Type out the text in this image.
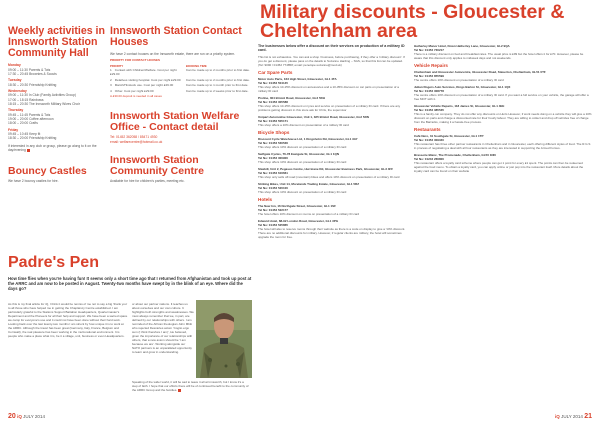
Weekly activities in Innsworth Station Community Hall
Monday
09:00 – 11:30 Parents & Tots
17:30 – 20:45 Brownies & Scouts
Tuesday
18:30 – 20:30 Friendship Knitting
Wednesday
09:00 – 11:30 In Club (Family Activities Group)
17:00 – 18:15 Rainbows
18:15 – 20:30 The Innsworth Military Wives Choir
Thursday
09:45 – 11:45 Parents & Tots
19:00 – 20:00 Coffee afternoon
18:00 – 20:00 Crafts
Friday
09:45 – 10:45 Keep fit
18:30 – 20:00 Friendship Knitting
If interested in any club or group, please go along to it on the day/evening
Bouncy Castles
We have 2 bouncy castles for hire.
Innsworth Station Contact Houses
We have 2 contact houses on the Innsworth estate, there are run on a priority system.
PRIORITY FOR CONTACT HOUSES
PRIORITY	BOOKING TIME
1 Contact with Children/Welfare. Cost per night £29.00	Can be made up to 2 months prior to first date.
2 Relatives visiting hospital. Cost per night £29.00	Can be made up to 2 months prior to first date.
3 Marsh/Hinstock use. Cost per night £29.00	Can be made up to 1 month prior to first date.
4 Other. Cost per night £29.00	Can be made up to 2 weeks prior to first date.
A £30.00 deposit is needed in all cases
Innsworth Station Welfare Office - Contact detail
Tel: 01452 362058 / 85471 4930
email: welfarecentre@hotmail.co.uk
Innsworth Station Community Centre
Available for hire for children's parties, meeting etc.
Military discounts - Gloucester & Cheltenham area
The businesses below offer a discount on their services on production of a military ID card.
This list is not exhaustive. You can ask a shop / business, before purchasing, if they offer a 'military discount'. If you do get a discount, please pass on the details to Suzanne Harding – SGS, so that this list can be updated. (Tel: 9090 / 01452 774858; email: penelope.suzanne@mod.uk)
Car Spare Parts
Motor Auto Parts, 163 High Street, Gloucester, GL1 4TA
Tel No: 01452 504145
This shop offers 10-15% discount on accessories and a 10-35% discount on car parts on presentation of a military ID card
Proline, 304 Bristol Road, Gloucester, GL2 5DH
Tel No: 01452 305588
This shop offers 10-15% discount on tyres and service on presentation of a military ID card. If there are any problems getting discount in this store ask for Chris, the supervisor
Unipart Automotive Gloucester, Unit 1, 325 Bristol Road, Gloucester, GL2 5DN
Tel No: 01452 505171
This shop offers a 10% discount on presentation of a military ID card
Bicycle Shops
Discount Cycle Warehouse Ltd, 1 Kingsholm Rd, Gloucester, GL1 3AY
Tel No: 01452 530536
This shop offers 10% discount on presentation of a military ID card
Swifgate Cycles, 76-78 Eastgate St, Gloucester, GL1 1QN
Tel No: 01452 300900
This shop offers 10% discount on presentation of a military ID card
Slaxbill, Unit 2, Pegasus Centre, Hurricane Rd, Gloucester Business Park, Gloucester, GL3 4FF
Tel No: 01452 616661
This shop only sells off-road (mountain) bikes and offers 10% discount on presentation of a military ID card
Striking Bikes, Unit 14, Morelands Trading Estate, Gloucester, GL1 5RZ
Tel No: 01452 520100
This shop offers 10% discount on presentation of a military ID card
Hotels
The New Inn, 16 Northgate Street, Gloucester, GL1 1SF
Tel No: 01452 522177
The hotel offers 10% discount on rooms on presentation of a military ID card
Edward Hotel, 88-92 London Road, Gloucester, GL1 3PG
Tel No: 01452 525865
The hotel will also to reserve rooms through their website as there is a code on display to give a '10% discount. There are no additional discounts for military. However, if regular clients are military, the hotel will sometimes upgrade the room for free.
Hatherley Manor Hotel, Down Hatherley Lane, Gloucester, GL2 9QA
Tel No: 01452 730217
There is a military discount on bed and breakfast rates. The usual price is £99 but the hotel offers it for £70. However, please be aware that this discount only applies to midweek days and not weekends.
Vehicle Repairs
Cheltenham and Gloucester Autocentre, Gloucester Road, Staverton, Cheltenham, GL51 0TF
Tel No: 01452 855599
The centre offers 10% discount on presentation of a military ID card
Julian Rogers Auto Services, Kings Barton St, Gloucester, GL1 1QX
Tel No: 01452 308778
The centre offers 10% discount on presentation of a military ID card. If you want a full service on your vehicle, the garage will offer a free MOT with it.
Gloucester Vehicle Repairs, 118 James St, Gloucester, GL1 4EE
Tel No: 01452 385535
This is a family-run company. They do not offer any discounts on Hurts However, if work needs doing on a vehicle they will give a 10% discount on parts and charge a discounted rate for their hourly labour. They are willing to collect and drop off vehicles free of charge from the Barracks, making it a hassle-free process.
Restaurants
Café Nero, 31 Southgate St, Gloucester, GL1 1TP
Tel No: 01452 309340
This restaurant has three other partner restaurants in Cheltenham and in Gloucester, each offering different styles of food. The R.G.S in process of negotiating a deal with all four restaurants as they are interested in supporting the Armed Forces.
Brasserie Blanc, The Promenade, Cheltenham, GL50 1NN
Tel No: 01242 266800
This restaurant offers a loyalty card scheme where people can get 1 point for every £1 spent. The points can then be redeemed against the food menu. To obtain a loyalty card, you can apply online or just pop into the restaurant itself. More details about the loyalty card can be found on their website
Padre's Pen
How time flies when you're having fun! It seems only a short time ago that I returned from Afghanistan and took up post at the ARRC and am now to be posted in August. Twenty-two months have swept by in the blink of an eye. Where did the days go?
As this is my final article for iQ, I think it would be remiss of me not to say a big 'thank you' to all those who have helped me in getting the Chaplaincy Centre established. I am particularly grateful to the Stations Support Battalion Headquarters, Quartermaster's Department and the Pioneers for all their help and support. We have been a sacred space we camp for everyone's use and it could not have been done without their hard work. Looking back over the last twenty-two months I am struck by how unique it is to work at the ARRC. Although the travel has been great (Germany, Italy, France, Belgium and Cornwall), the real pleasure has been working in the multi-national environment. It is people who make a place what it is, be it a village, unit, business or even Headquarters.
or about our partner nations. It teaches us about ourselves and our own culture. It highlights both strengths and weaknesses. We must always remember that we, in part, are defined by our relationships with others. I am reminded of the African theologian John Mbiti who rejected Descartes axiom 'Cogito ergo sum (I think therefore I am)', He believed, given the importance of our relationships with others, that a new axiom should be 'I am because we are'. Working alongside our NATO partners is an unparalleled opportunity to learn and grow in understanding.
Speaking of the wider world, it will be sad to leave it all at Innsworth, but I know it's a step of faith. I hope that our efforts there will be of continued benefit to the community of the ARRC Group and the families.
20 iQ JULY 2014	iQ JULY 2014 21
